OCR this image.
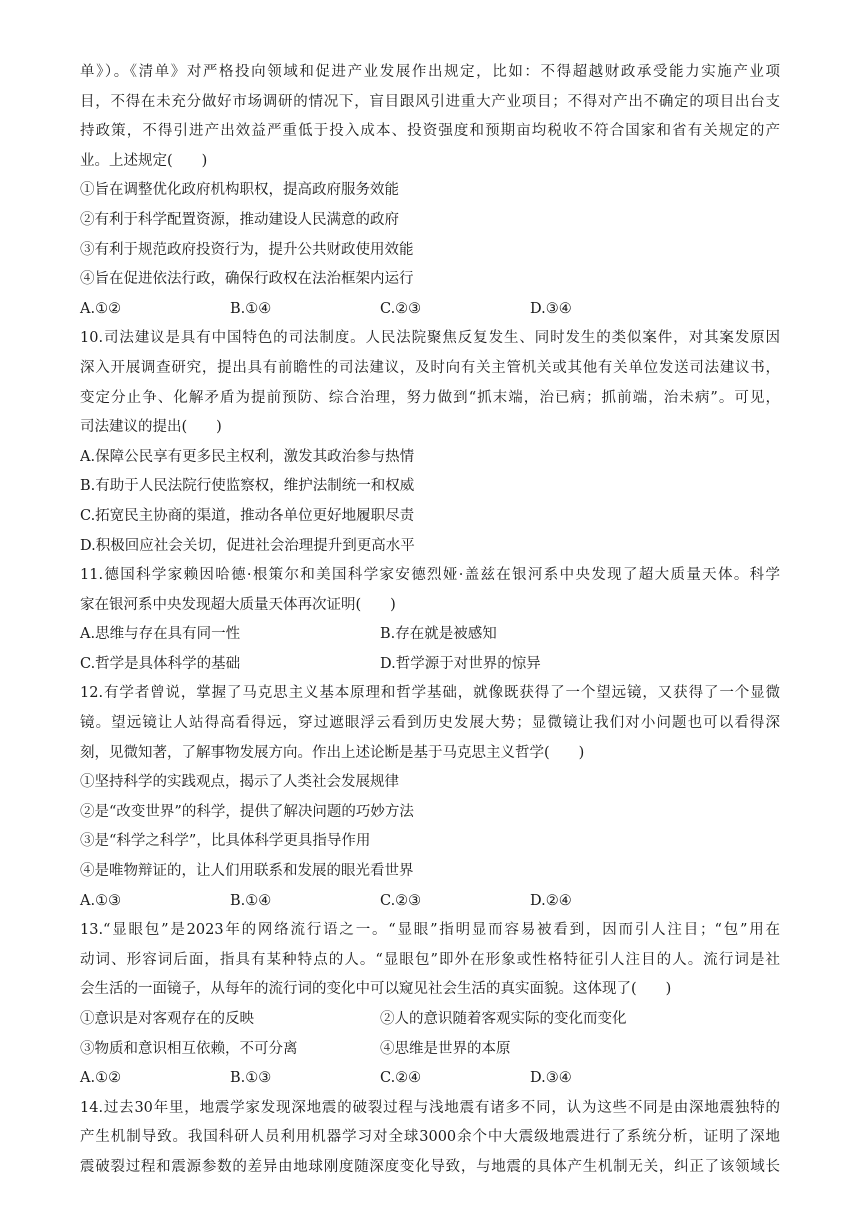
单》）。《清单》对严格投向领域和促进产业发展作出规定，比如：不得超越财政承受能力实施产业项
目，不得在未充分做好市场调研的情况下，盲目跟风引进重大产业项目；不得对产出不确定的项目出台支
持政策，不得引进产出效益严重低于投入成本、投资强度和预期亩均税收不符合国家和省有关规定的产
业。上述规定(　　)
①旨在调整优化政府机构职权，提高政府服务效能
②有利于科学配置资源，推动建设人民满意的政府
③有利于规范政府投资行为，提升公共财政使用效能
④旨在促进依法行政，确保行政权在法治框架内运行
A.①②	B.①④	C.②③	D.③④
10.司法建议是具有中国特色的司法制度。人民法院聚焦反复发生、同时发生的类似案件，对其案发原因
深入开展调查研究，提出具有前瞻性的司法建议，及时向有关主管机关或其他有关单位发送司法建议书，
变定分止争、化解矛盾为提前预防、综合治理，努力做到“抓末端，治已病；抓前端，治未病”。可见，
司法建议的提出(　　)
A.保障公民享有更多民主权利，激发其政治参与热情
B.有助于人民法院行使监察权，维护法制统一和权威
C.拓宽民主协商的渠道，推动各单位更好地履职尽责
D.积极回应社会关切，促进社会治理提升到更高水平
11.德国科学家赖因哈德·根策尔和美国科学家安德烈娅·盖兹在银河系中央发现了超大质量天体。科学
家在银河系中央发现超大质量天体再次证明(　　)
A.思维与存在具有同一性	B.存在就是被感知
C.哲学是具体科学的基础	D.哲学源于对世界的惊异
12.有学者曾说，掌握了马克思主义基本原理和哲学基础，就像既获得了一个望远镜，又获得了一个显微
镜。望远镜让人站得高看得远，穿过遮眼浮云看到历史发展大势；显微镜让我们对小问题也可以看得深
刻，见微知著，了解事物发展方向。作出上述论断是基于马克思主义哲学(　　)
①坚持科学的实践观点，揭示了人类社会发展规律
②是“改变世界”的科学，提供了解决问题的巧妙方法
③是“科学之科学”，比具体科学更具指导作用
④是唯物辩证的，让人们用联系和发展的眼光看世界
A.①③	B.①④	C.②③	D.②④
13.“显眼包”是2023年的网络流行语之一。“显眼”指明显而容易被看到，因而引人注目；“包”用在
动词、形容词后面，指具有某种特点的人。“显眼包”即外在形象或性格特征引人注目的人。流行词是社
会生活的一面镜子，从每年的流行词的变化中可以窥见社会生活的真实面貌。这体现了(　　)
①意识是对客观存在的反映	②人的意识随着客观实际的变化而变化
③物质和意识相互依赖，不可分离	④思维是世界的本原
A.①②	B.①③	C.②④	D.③④
14.过去30年里，地震学家发现深地震的破裂过程与浅地震有诸多不同，认为这些不同是由深地震独特的
产生机制导致。我国科研人员利用机器学习对全球3000余个中大震级地震进行了系统分析，证明了深地
震破裂过程和震源参数的差异由地球刚度随深度变化导致，与地震的具体产生机制无关，纠正了该领域长
